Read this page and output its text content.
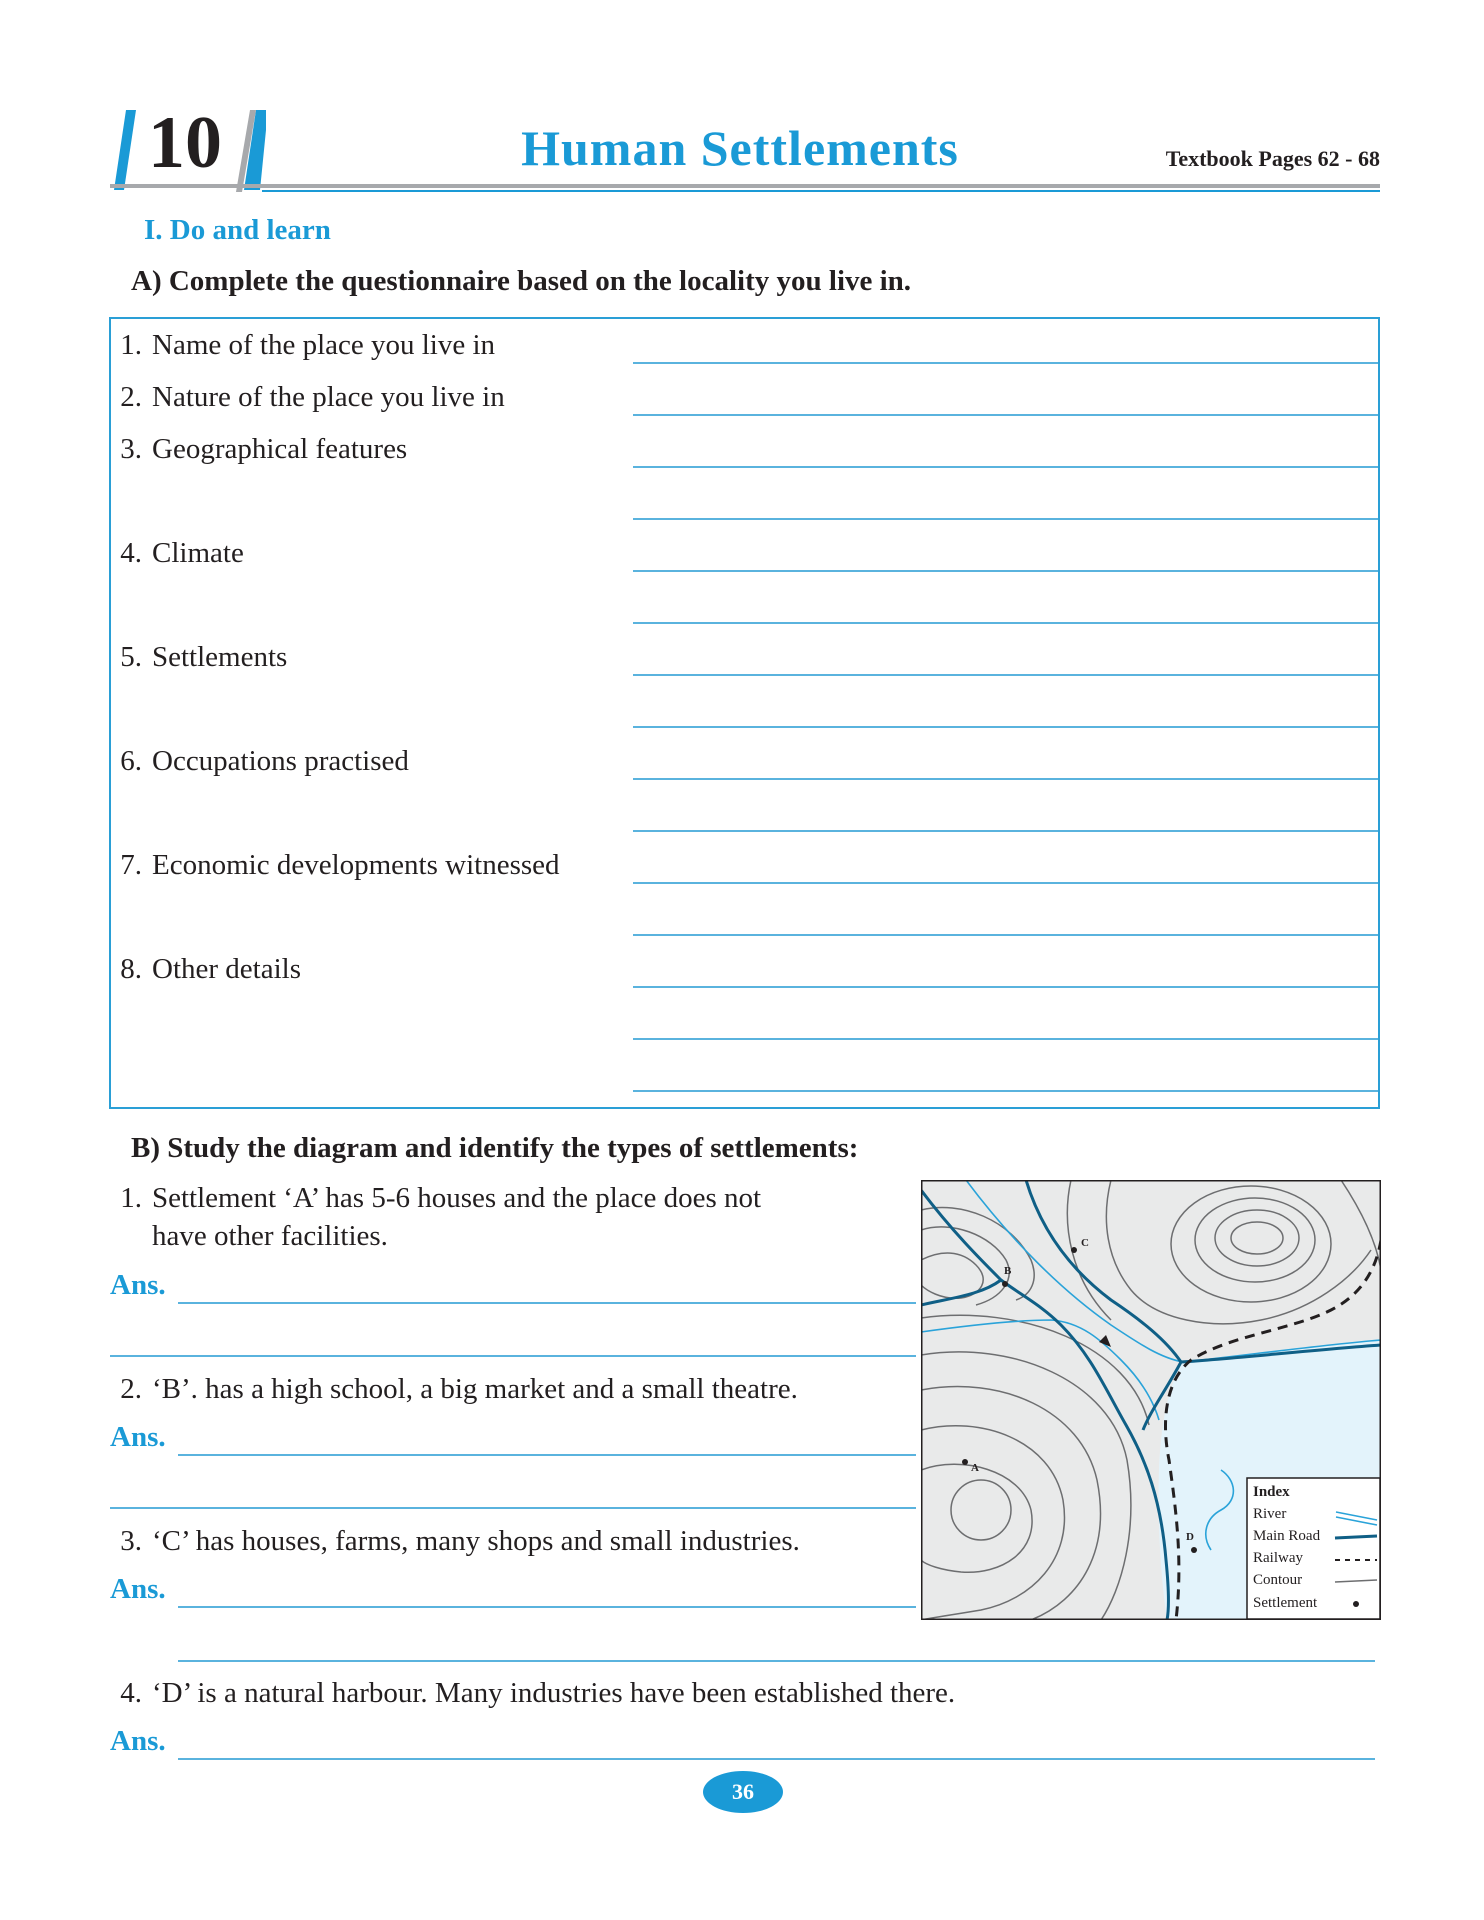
10	Human Settlements	Textbook Pages 62 - 68
I. Do and learn
A) Complete the questionnaire based on the locality you live in.
1. Name of the place you live in
2. Nature of the place you live in
3. Geographical features
4. Climate
5. Settlements
6. Occupations practised
7. Economic developments witnessed
8. Other details
B) Study the diagram and identify the types of settlements:
1. Settlement ‘A’ has 5-6 houses and the place does not
have other facilities.
Ans.
2. ‘B’. has a high school, a big market and a small theatre.
Ans.
3. ‘C’ has houses, farms, many shops and small industries.
Ans.
4. ‘D’ is a natural harbour. Many industries have been established there.
Ans.
A
B
C
D
Index
River
Main Road
Railway
Contour
Settlement
36
